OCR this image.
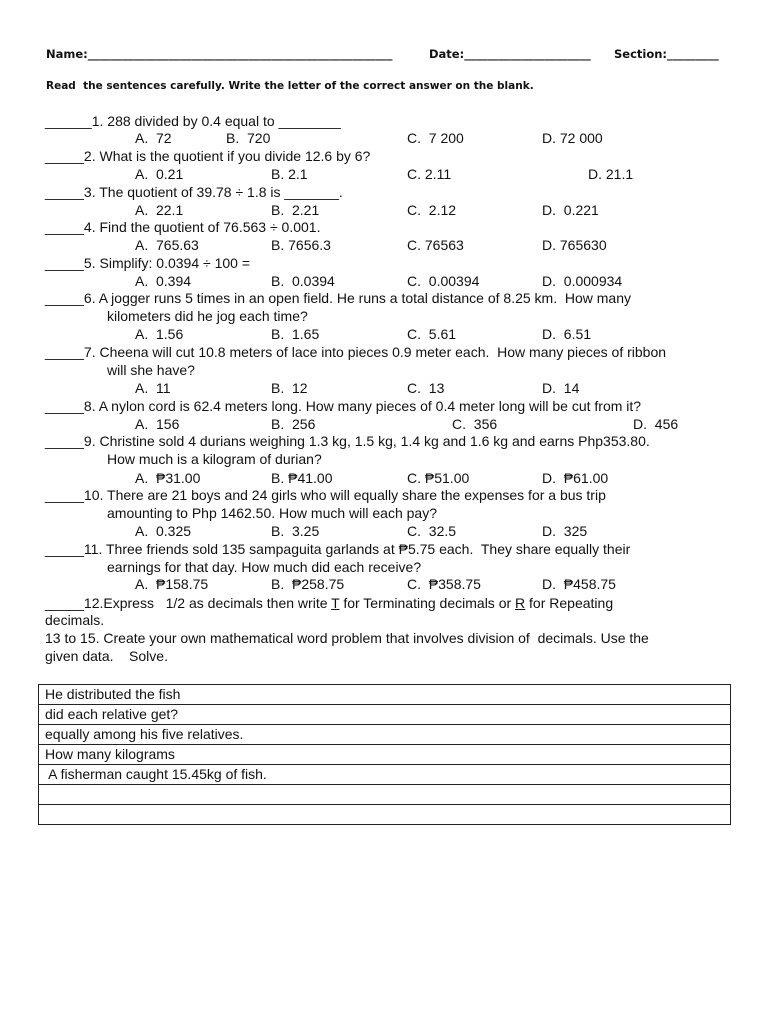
Name:_____________________________________________________	Date:______________________ Section:_________
Read  the sentences carefully. Write the letter of the correct answer on the blank.
______1. 288 divided by 0.4 equal to ________
A.  72	B.  720	C.  7 200	D. 72 000
_____2. What is the quotient if you divide 12.6 by 6?
A.  0.21	B. 2.1	C. 2.11	D. 21.1
_____3. The quotient of 39.78 ÷ 1.8 is _______.
A.  22.1	B.  2.21	C.  2.12	D.  0.221
_____4. Find the quotient of 76.563 ÷ 0.001.
A.  765.63	B. 7656.3	C. 76563	D. 765630
_____5. Simplify: 0.0394 ÷ 100 =
A.  0.394	B.  0.0394	C.  0.00394	D.  0.000934
_____6. A jogger runs 5 times in an open field. He runs a total distance of 8.25 km.  How many
kilometers did he jog each time?
A.  1.56	B.  1.65	C.  5.61	D.  6.51
_____7. Cheena will cut 10.8 meters of lace into pieces 0.9 meter each.  How many pieces of ribbon
will she have?
A.  11	B.  12	C.  13	D.  14
_____8. A nylon cord is 62.4 meters long. How many pieces of 0.4 meter long will be cut from it?
A.  156	B.  256	C.  356	D.  456
_____9. Christine sold 4 durians weighing 1.3 kg, 1.5 kg, 1.4 kg and 1.6 kg and earns Php353.80.
How much is a kilogram of durian?
A.  ₱31.00	B. ₱41.00	C. ₱51.00	D.  ₱61.00
_____10. There are 21 boys and 24 girls who will equally share the expenses for a bus trip
amounting to Php 1462.50. How much will each pay?
A.  0.325	B.  3.25	C.  32.5	D.  325
_____11. Three friends sold 135 sampaguita garlands at ₱5.75 each.  They share equally their
earnings for that day. How much did each receive?
A.  ₱158.75	B.  ₱258.75	C.  ₱358.75	D.  ₱458.75
_____12.Express   1/2 as decimals then write T for Terminating decimals or R for Repeating
decimals.
13 to 15. Create your own mathematical word problem that involves division of  decimals. Use the
given data.    Solve.
He distributed the fish
did each relative get?
equally among his five relatives.
How many kilograms
A fisherman caught 15.45kg of fish.
